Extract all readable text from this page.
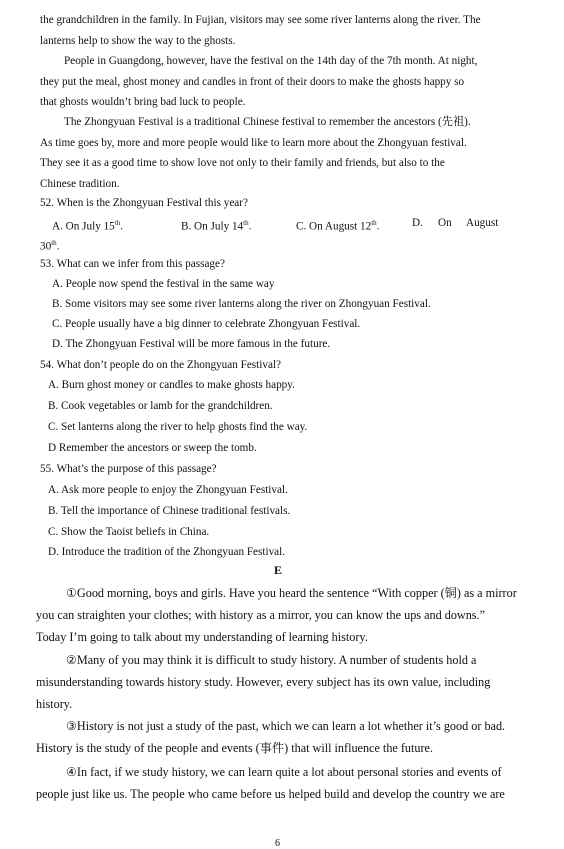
the grandchildren in the family. In Fujian, visitors may see some river lanterns along the river. The
lanterns help to show the way to the ghosts.
People in Guangdong, however, have the festival on the 14th day of the 7th month. At night,
they put the meal, ghost money and candles in front of their doors to make the ghosts happy so
that ghosts wouldn’t bring bad luck to people.
The Zhongyuan Festival is a traditional Chinese festival to remember the ancestors (先祖).
As time goes by, more and more people would like to learn more about the Zhongyuan festival.
They see it as a good time to show love not only to their family and friends, but also to the
Chinese tradition.
52. When is the Zhongyuan Festival this year?
A. On July 15th.	B. On July 14th.	C. On August 12th.	D. On August
30th.
53. What can we infer from this passage?
A. People now spend the festival in the same way
B. Some visitors may see some river lanterns along the river on Zhongyuan Festival.
C. People usually have a big dinner to celebrate Zhongyuan Festival.
D. The Zhongyuan Festival will be more famous in the future.
54. What don’t people do on the Zhongyuan Festival?
A. Burn ghost money or candles to make ghosts happy.
B. Cook vegetables or lamb for the grandchildren.
C. Set lanterns along the river to help ghosts find the way.
D Remember the ancestors or sweep the tomb.
55. What’s the purpose of this passage?
A. Ask more people to enjoy the Zhongyuan Festival.
B. Tell the importance of Chinese traditional festivals.
C. Show the Taoist beliefs in China.
D. Introduce the tradition of the Zhongyuan Festival.
E
①Good morning, boys and girls. Have you heard the sentence “With copper (铜) as a mirror
you can straighten your clothes; with history as a mirror, you can know the ups and downs.”
Today I’m going to talk about my understanding of learning history.
②Many of you may think it is difficult to study history. A number of students hold a
misunderstanding towards history study. However, every subject has its own value, including
history.
③History is not just a study of the past, which we can learn a lot whether it’s good or bad.
History is the study of the people and events (事件) that will influence the future.
④In fact, if we study history, we can learn quite a lot about personal stories and events of
people just like us. The people who came before us helped build and develop the country we are
6
